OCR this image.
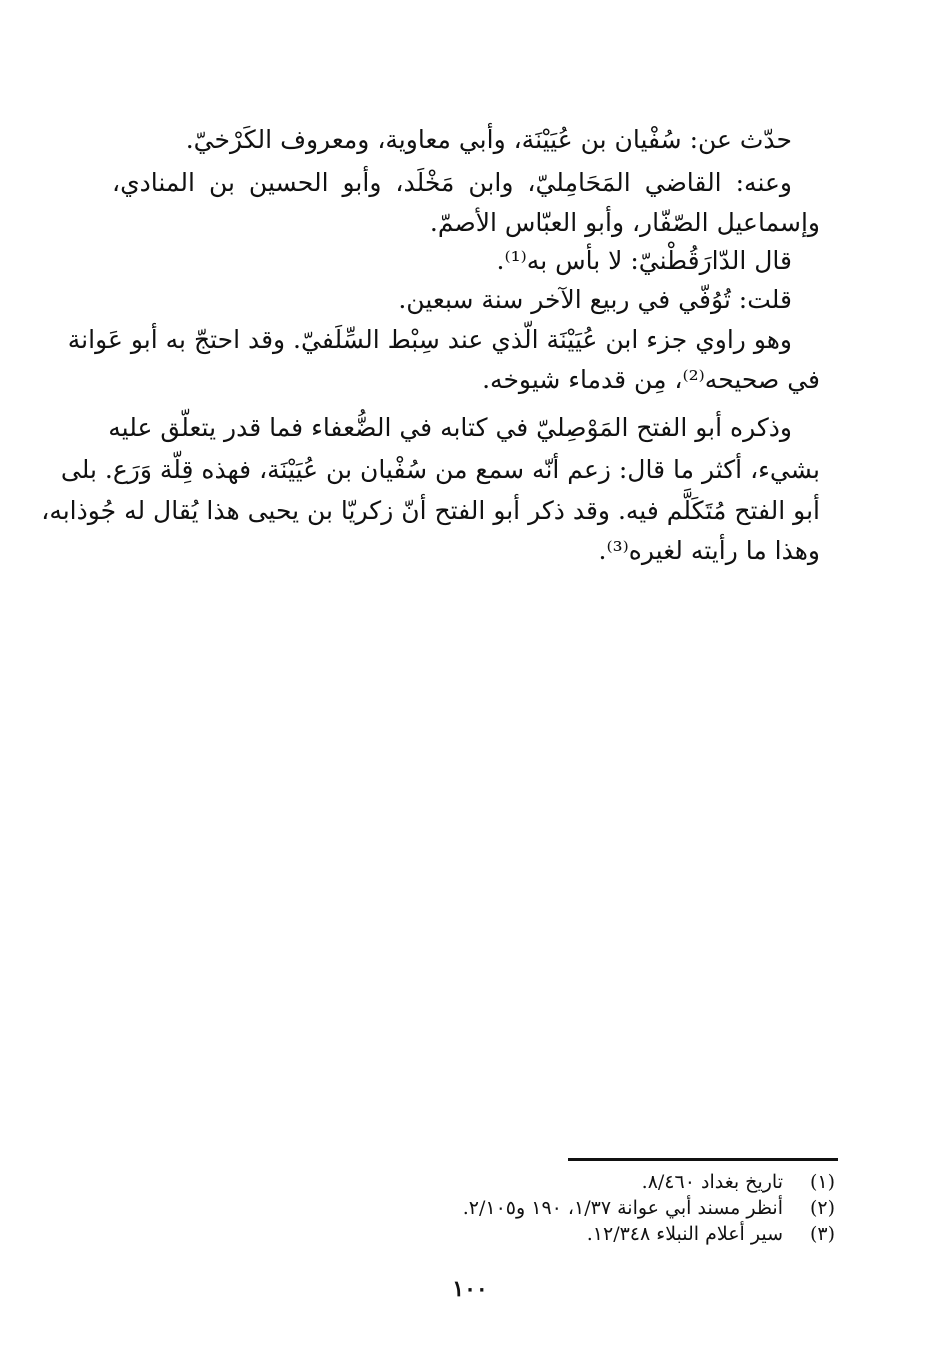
حدّث عن: سُفْيان بن عُيَيْنَة، وأبي معاوية، ومعروف الكَرْخيّ.
وعنه: القاضي المَحَامِليّ، وابن مَخْلَد، وأبو الحسين بن المنادي،
وإسماعيل الصّفّار، وأبو العبّاس الأصمّ.
قال الدّارَقُطْنيّ: لا بأس به⁽¹⁾.
قلت: تُوُفّي في ربيع الآخر سنة سبعين.
وهو راوي جزء ابن عُيَيْنَة الّذي عند سِبْط السِّلَفيّ. وقد احتجّ به أبو عَوانة
في صحيحه⁽²⁾، مِن قدماء شيوخه.
وذكره أبو الفتح المَوْصِليّ في كتابه في الضُّعفاء فما قدر يتعلّق عليه
بشيء، أكثر ما قال: زعم أنّه سمع من سُفْيان بن عُيَيْنَة، فهذه قِلّة وَرَع. بلى
أبو الفتح مُتَكَلَّم فيه. وقد ذكر أبو الفتح أنّ زكريّا بن يحيى هذا يُقال له جُوذابه،
وهذا ما رأيته لغيره⁽³⁾.
(١)تاريخ بغداد ٨/٤٦٠.
(٢)أنظر مسند أبي عوانة ١/٣٧، ١٩٠ و٢/١٠٥.
(٣)سير أعلام النبلاء ١٢/٣٤٨.
١٠٠
